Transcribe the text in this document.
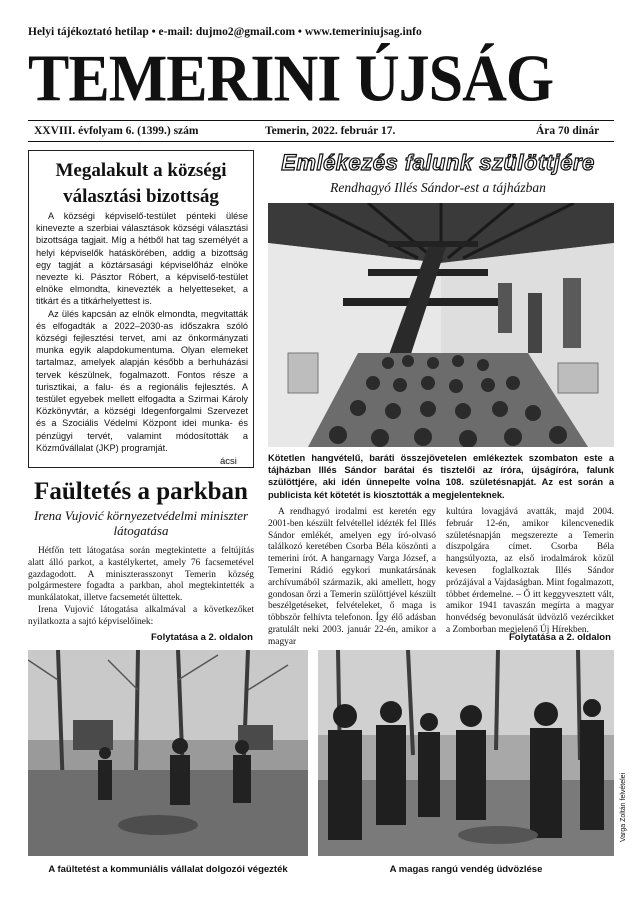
Helyi tájékoztató hetilap • e-mail: dujmo2@gmail.com • www.temeriniujsag.info
TEMERINI ÚJSÁG
XXVIII. évfolyam 6. (1399.) szám	Temerin, 2022. február 17.	Ára 70 dinár
Megalakult a községi
választási bizottság

A községi képviselő-testület pénteki ülése kinevezte a szerbiai választások községi választási bizottsága tagjait. Míg a hétből hat tag személyét a helyi képviselők hatáskörében, addig a bizottság egy tagját a köztársasági képviselőház elnöke nevezte ki. Pásztor Róbert, a képviselő-testület elnöke elmondta, kinevezték a helyetteseket, a titkárt és a titkárhelyettest is.

Az ülés kapcsán az elnök elmondta, megvitatták és elfogadták a 2022–2030-as időszakra szóló községi fejlesztési tervet, ami az önkormányzati munka egyik alapdokumentuma. Olyan elemeket tartalmaz, amelyek alapján később a berhuházási tervek készülnek, fogalmazott. Fontos része a turisztikai, a falu- és a regionális fejlesztés. A testület egyebek mellett elfogadta a Szirmai Károly Közkönyvtár, a községi Idegenforgalmi Szervezet és a Szociális Védelmi Központ idei munka- és pénzügyi tervét, valamint módosították a Közművállalat (JKP) programját.

ácsi
Emlékezés falunk szülöttjére
Rendhagyó Illés Sándor-est a tájházban
Kötetlen hangvételű, baráti összejövetelen emlékeztek szombaton este a tájházban Illés Sándor barátai és tisztelői az íróra, újságíróra, falunk szülöttjére, aki idén ünnepelte volna 108. születésnapját. Az est során a publicista két kötetét is kiosztották a megjelenteknek.

A rendhagyó irodalmi est keretén egy 2001-ben készült felvétellel idézték fel Illés Sándor emlékét, amelyen egy író-olvasó találkozó keretében Csorba Béla köszönti a temerini írót. A hangarnagy Varga József, a Temerini Rádió egykori munkatársának archívumából származik, aki amellett, hogy gondosan őrzi a Temerin szülöttjével készült beszélgetéseket, felvételeket, ő maga is többször felhívta telefonon. Így élő adásban gratulált neki 2003. január 22-én, amikor a magyar

kultúra lovagjává avatták, majd 2004. február 12-én, amikor kilencvenedik születésnapján megszerezte a Temerin díszpolgára címet. Csorba Béla hangsúlyozta, az első irodalmárok közül kevesen foglalkoztak Illés Sándor prózájával a Vajdaságban. Mint fogalmazott, többet érdemelne. – Ő itt keggyvesztett vált, amikor 1941 tavaszán megírta a magyar honvédség bevonulását üdvözlő vezércikket a Zomborban megjelenő Új Hírekben.

Folytatása a 2. oldalon
Faültetés a parkban
Irena Vujović környezetvédelmi miniszter látogatása

Hétfőn tett látogatása során megtekintette a feltújítás alatt álló parkot, a kastélykertet, amely 76 facsemetével gazdagodott. A miniszterasszonyt Temerin község polgármestere fogadta a parkban, ahol megtekintették a munkálatokat, illetve facsemetét ültettek.

Irena Vujović látogatása alkalmával a következőket nyilatkozta a sajtó képviselőinek:

Folytatása a 2. oldalon
Varga Zoltán felvételei
A faültetést a kommuniális vállalat dolgozói végezték	A magas rangú vendég üdvözlése
